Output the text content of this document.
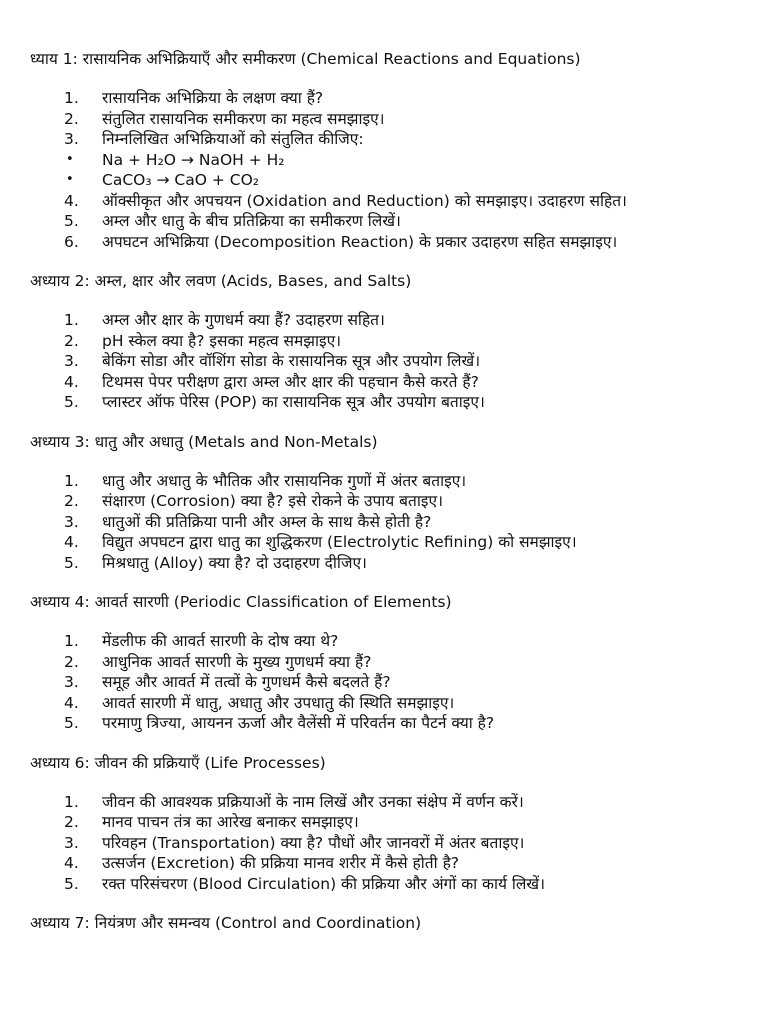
ध्याय 1: रासायनिक अभिक्रियाएँ और समीकरण (Chemical Reactions and Equations)
1.	रासायनिक अभिक्रिया के लक्षण क्या हैं?
2.	संतुलित रासायनिक समीकरण का महत्व समझाइए।
3.	निम्नलिखित अभिक्रियाओं को संतुलित कीजिए:
•	Na + H₂O → NaOH + H₂
•	CaCO₃ → CaO + CO₂
4.	ऑक्सीकृत और अपचयन (Oxidation and Reduction) को समझाइए। उदाहरण सहित।
5.	अम्ल और धातु के बीच प्रतिक्रिया का समीकरण लिखें।
6.	अपघटन अभिक्रिया (Decomposition Reaction) के प्रकार उदाहरण सहित समझाइए।
अध्याय 2: अम्ल, क्षार और लवण (Acids, Bases, and Salts)
1.	अम्ल और क्षार के गुणधर्म क्या हैं? उदाहरण सहित।
2.	pH स्केल क्या है? इसका महत्व समझाइए।
3.	बेकिंग सोडा और वॉशिंग सोडा के रासायनिक सूत्र और उपयोग लिखें।
4.	टिथमस पेपर परीक्षण द्वारा अम्ल और क्षार की पहचान कैसे करते हैं?
5.	प्लास्टर ऑफ पेरिस (POP) का रासायनिक सूत्र और उपयोग बताइए।
अध्याय 3: धातु और अधातु (Metals and Non-Metals)
1.	धातु और अधातु के भौतिक और रासायनिक गुणों में अंतर बताइए।
2.	संक्षारण (Corrosion) क्या है? इसे रोकने के उपाय बताइए।
3.	धातुओं की प्रतिक्रिया पानी और अम्ल के साथ कैसे होती है?
4.	विद्युत अपघटन द्वारा धातु का शुद्धिकरण (Electrolytic Refining) को समझाइए।
5.	मिश्रधातु (Alloy) क्या है? दो उदाहरण दीजिए।
अध्याय 4: आवर्त सारणी (Periodic Classification of Elements)
1.	मेंडलीफ की आवर्त सारणी के दोष क्या थे?
2.	आधुनिक आवर्त सारणी के मुख्य गुणधर्म क्या हैं?
3.	समूह और आवर्त में तत्वों के गुणधर्म कैसे बदलते हैं?
4.	आवर्त सारणी में धातु, अधातु और उपधातु की स्थिति समझाइए।
5.	परमाणु त्रिज्या, आयनन ऊर्जा और वैलेंसी में परिवर्तन का पैटर्न क्या है?
अध्याय 6: जीवन की प्रक्रियाएँ (Life Processes)
1.	जीवन की आवश्यक प्रक्रियाओं के नाम लिखें और उनका संक्षेप में वर्णन करें।
2.	मानव पाचन तंत्र का आरेख बनाकर समझाइए।
3.	परिवहन (Transportation) क्या है? पौधों और जानवरों में अंतर बताइए।
4.	उत्सर्जन (Excretion) की प्रक्रिया मानव शरीर में कैसे होती है?
5.	रक्त परिसंचरण (Blood Circulation) की प्रक्रिया और अंगों का कार्य लिखें।
अध्याय 7: नियंत्रण और समन्वय (Control and Coordination)
